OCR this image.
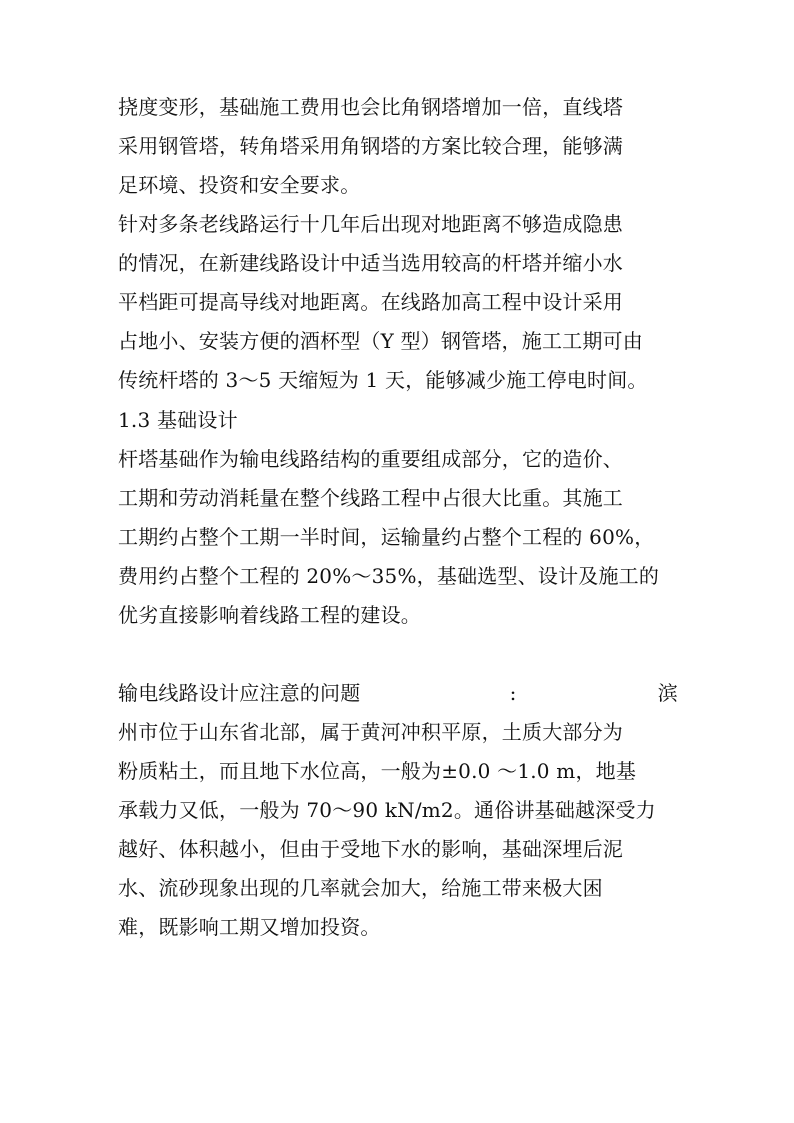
挠度变形，基础施工费用也会比角钢塔增加一倍，直线塔
采用钢管塔，转角塔采用角钢塔的方案比较合理，能够满
足环境、投资和安全要求。

针对多条老线路运行十几年后出现对地距离不够造成隐患
的情况，在新建线路设计中适当选用较高的杆塔并缩小水
平档距可提高导线对地距离。在线路加高工程中设计采用
占地小、安装方便的酒杯型（Y 型）钢管塔，施工工期可由
传统杆塔的 3～5 天缩短为 1 天，能够减少施工停电时间。

1.3 基础设计

杆塔基础作为输电线路结构的重要组成部分，它的造价、
工期和劳动消耗量在整个线路工程中占很大比重。其施工
工期约占整个工期一半时间，运输量约占整个工程的 60%，
费用约占整个工程的 20%～35%，基础选型、设计及施工的
优劣直接影响着线路工程的建设。

输电线路设计应注意的问题	:	滨
州市位于山东省北部，属于黄河冲积平原，土质大部分为
粉质粘土，而且地下水位高，一般为±0.0 ～1.0 m，地基
承载力又低，一般为 70～90 kN/m2。通俗讲基础越深受力
越好、体积越小，但由于受地下水的影响，基础深埋后泥
水、流砂现象出现的几率就会加大，给施工带来极大困
难，既影响工期又增加投资。
